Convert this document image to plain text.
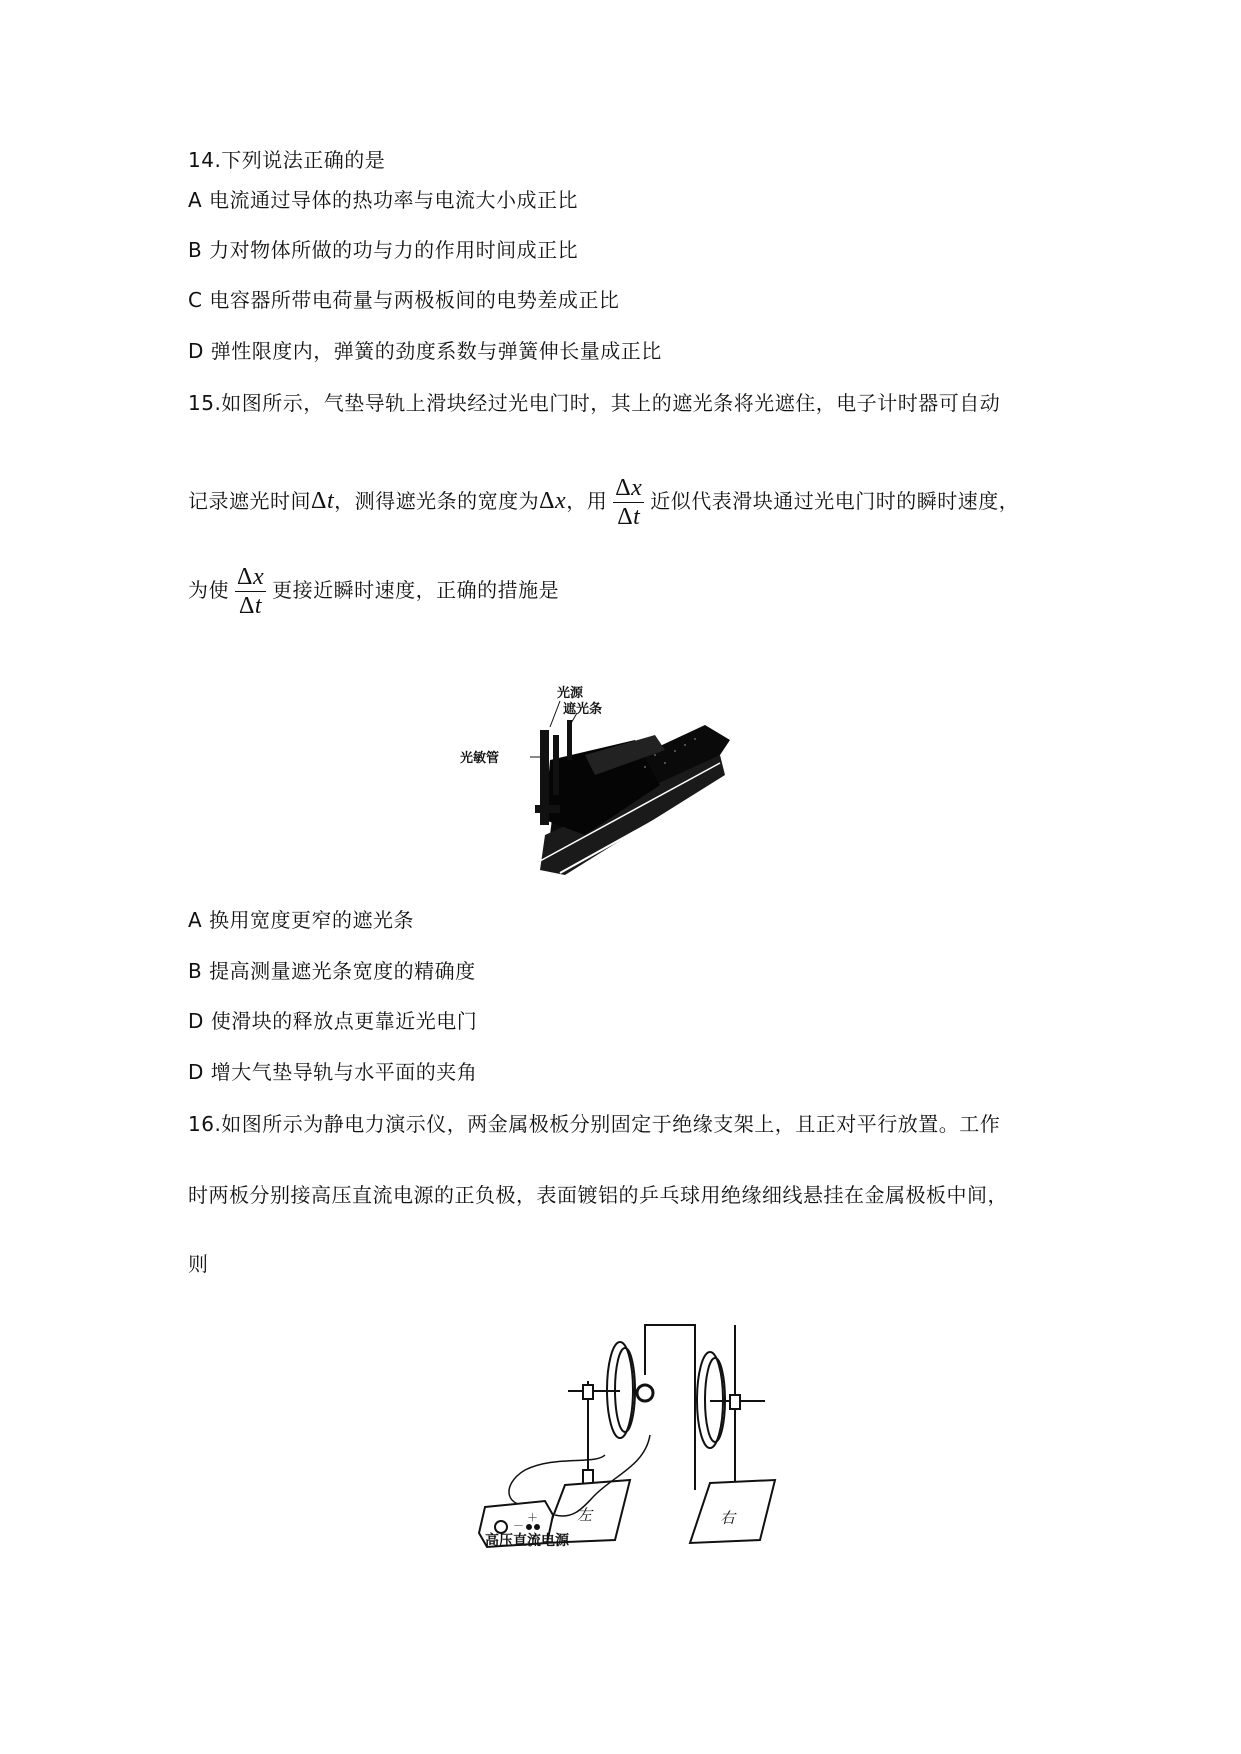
14.下列说法正确的是
A 电流通过导体的热功率与电流大小成正比
B 力对物体所做的功与力的作用时间成正比
C 电容器所带电荷量与两极板间的电势差成正比
D 弹性限度内，弹簧的劲度系数与弹簧伸长量成正比
15.如图所示，气垫导轨上滑块经过光电门时，其上的遮光条将光遮住，电子计时器可自动
记录遮光时间Δt，测得遮光条的宽度为Δx，用 $\frac{\Delta x}{\Delta t}$ 近似代表滑块通过光电门时的瞬时速度，
为使 $\frac{\Delta x}{\Delta t}$ 更接近瞬时速度，正确的措施是
光源
遮光条
光敏管
A 换用宽度更窄的遮光条
B 提高测量遮光条宽度的精确度
D 使滑块的释放点更靠近光电门
D 增大气垫导轨与水平面的夹角
16.如图所示为静电力演示仪，两金属极板分别固定于绝缘支架上，且正对平行放置。工作
时两板分别接高压直流电源的正负极，表面镀铝的乒乓球用绝缘细线悬挂在金属极板中间，
则
－
＋	左	右
高压直流电源
